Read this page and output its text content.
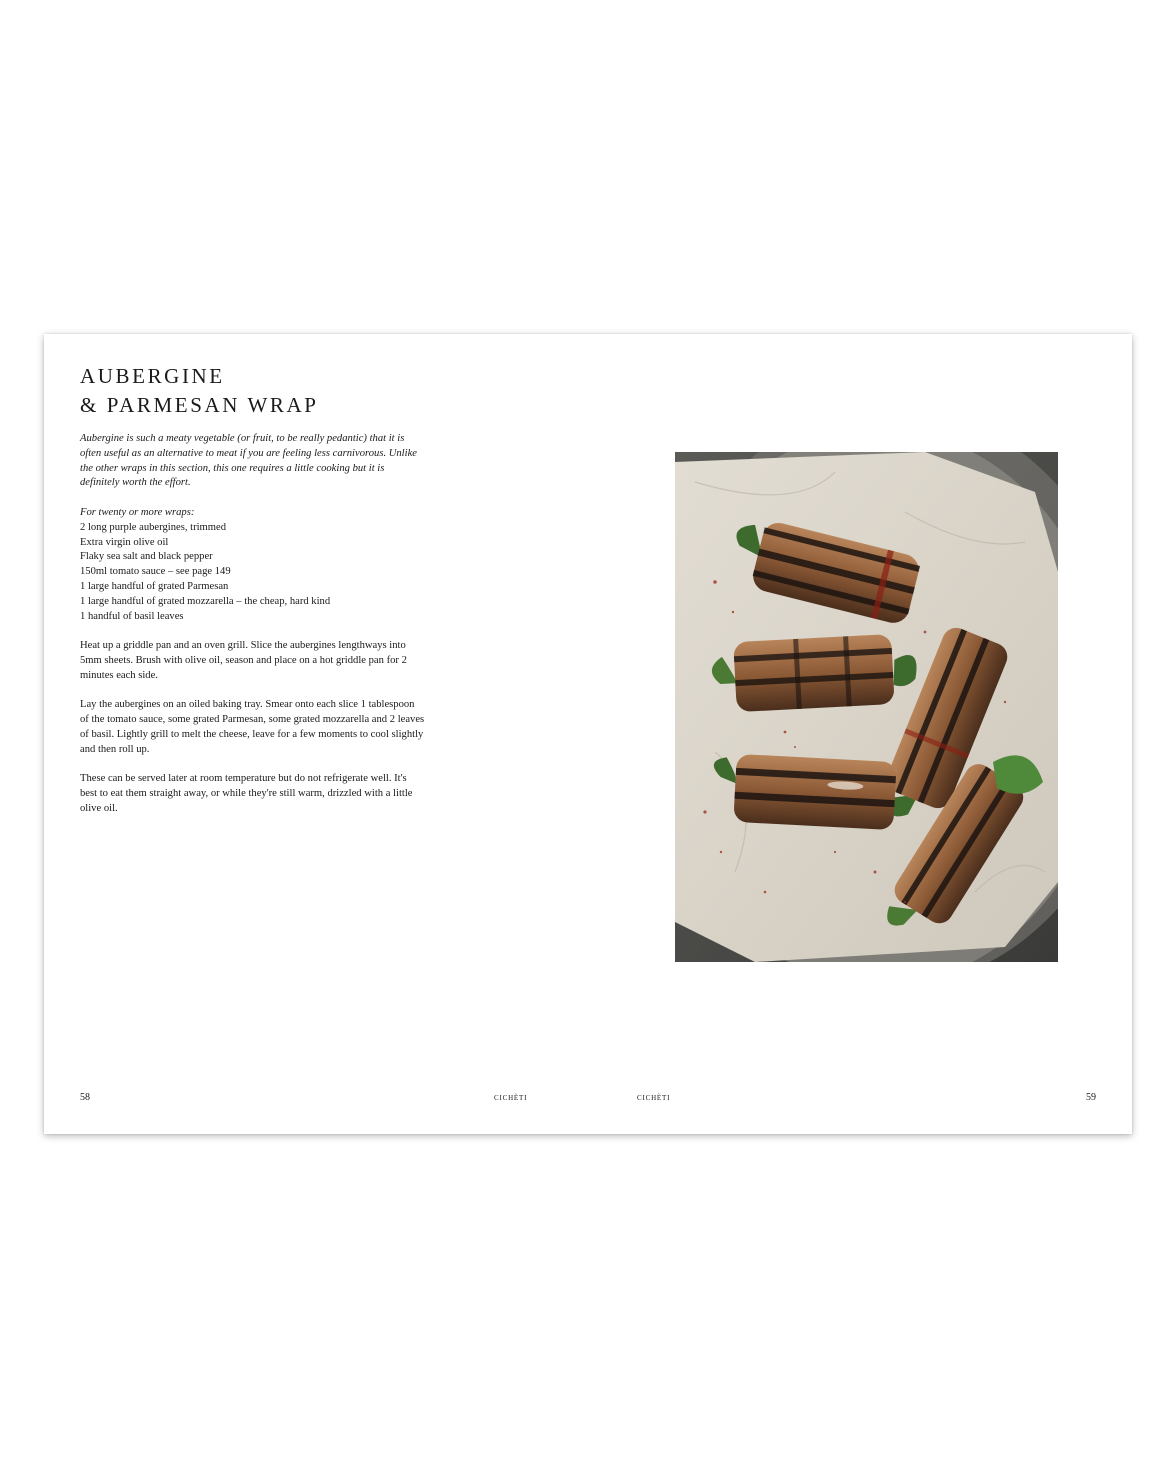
AUBERGINE
& PARMESAN WRAP

Aubergine is such a meaty vegetable (or fruit, to be really pedantic) that it is often useful as an alternative to meat if you are feeling less carnivorous. Unlike the other wraps in this section, this one requires a little cooking but it is definitely worth the effort.

For twenty or more wraps:
2 long purple aubergines, trimmed
Extra virgin olive oil
Flaky sea salt and black pepper
150ml tomato sauce – see page 149
1 large handful of grated Parmesan
1 large handful of grated mozzarella – the cheap, hard kind
1 handful of basil leaves

Heat up a griddle pan and an oven grill. Slice the aubergines lengthways into 5mm sheets. Brush with olive oil, season and place on a hot griddle pan for 2 minutes each side.

Lay the aubergines on an oiled baking tray. Smear onto each slice 1 tablespoon of the tomato sauce, some grated Parmesan, some grated mozzarella and 2 leaves of basil. Lightly grill to melt the cheese, leave for a few moments to cool slightly and then roll up.

These can be served later at room temperature but do not refrigerate well. It's best to eat them straight away, or while they're still warm, drizzled with a little olive oil.

58	cichèti	cichèti	59
